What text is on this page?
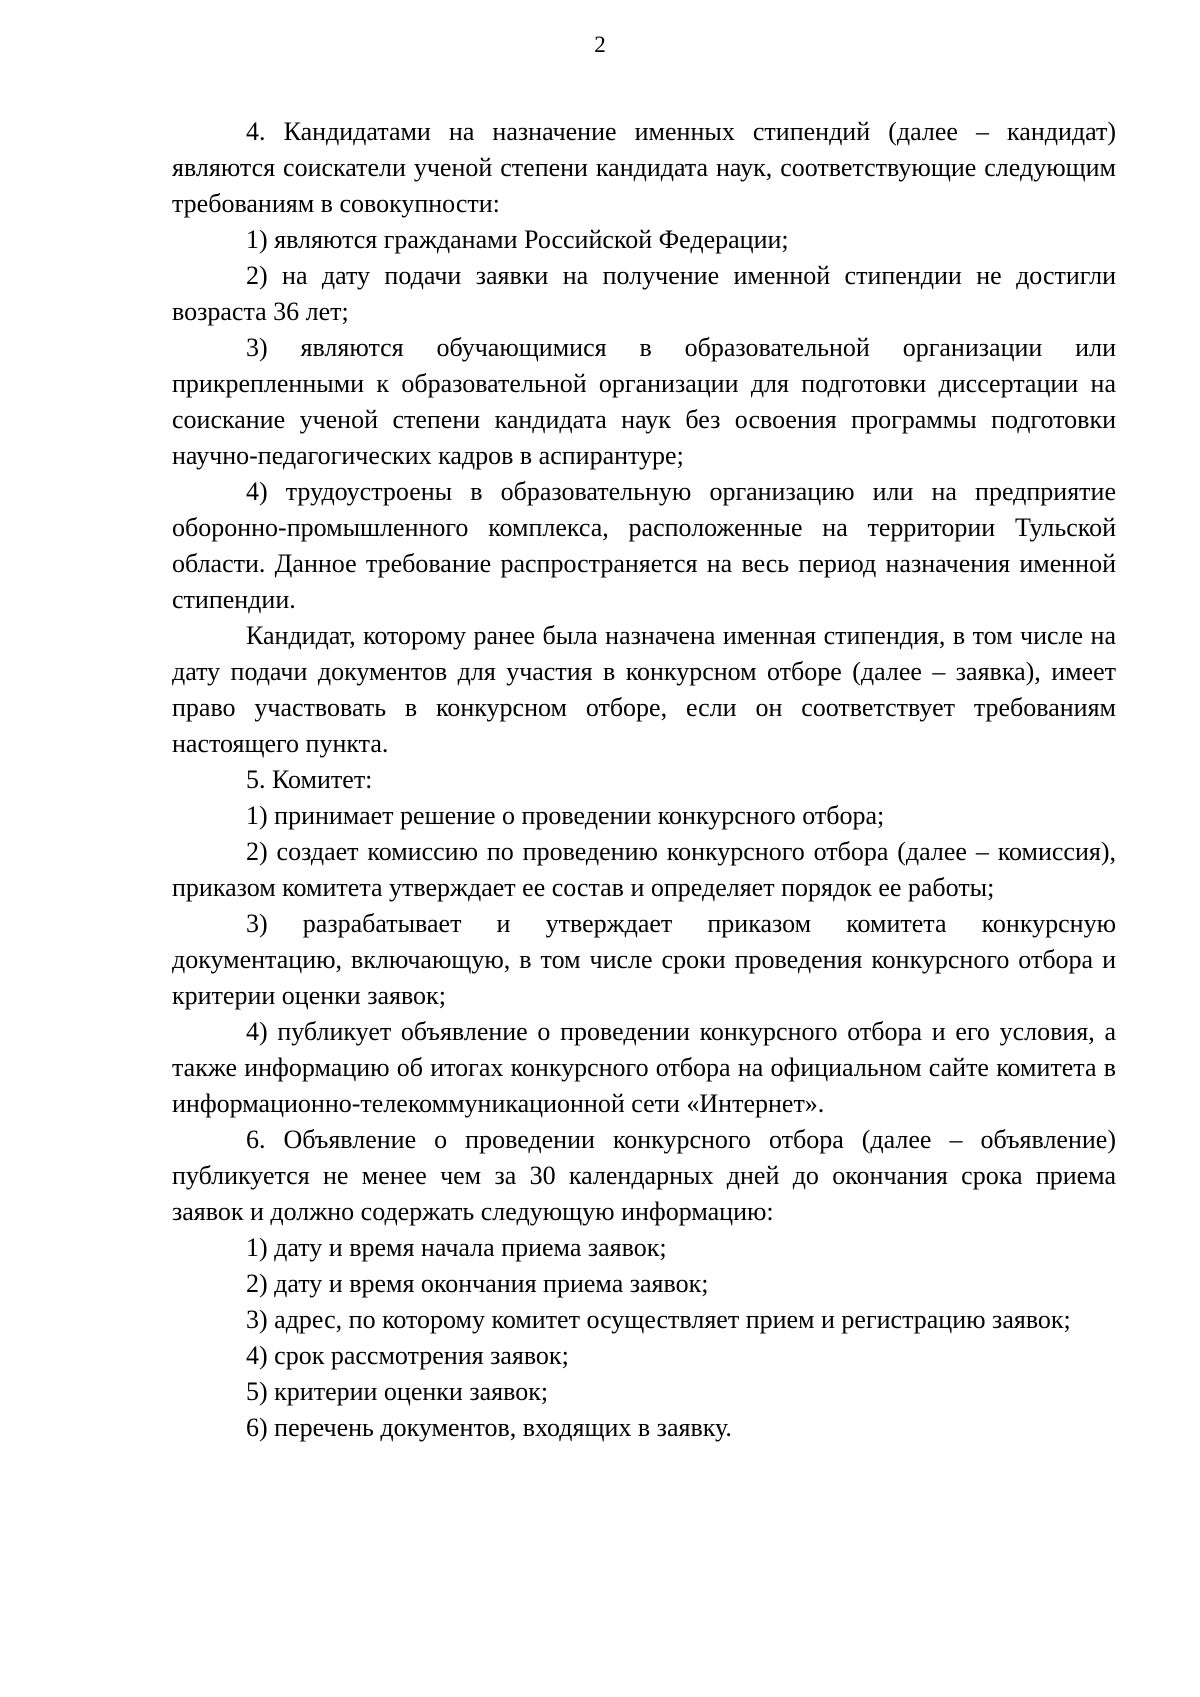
2

4. Кандидатами на назначение именных стипендий (далее – кандидат) являются соискатели ученой степени кандидата наук, соответствующие следующим требованиям в совокупности:

1) являются гражданами Российской Федерации;

2) на дату подачи заявки на получение именной стипендии не достигли возраста 36 лет;

3) являются обучающимися в образовательной организации или прикрепленными к образовательной организации для подготовки диссертации на соискание ученой степени кандидата наук без освоения программы подготовки научно-педагогических кадров в аспирантуре;

4) трудоустроены в образовательную организацию или на предприятие оборонно-промышленного комплекса, расположенные на территории Тульской области. Данное требование распространяется на весь период назначения именной стипендии.

Кандидат, которому ранее была назначена именная стипендия, в том числе на дату подачи документов для участия в конкурсном отборе (далее – заявка), имеет право участвовать в конкурсном отборе, если он соответствует требованиям настоящего пункта.

5. Комитет:

1) принимает решение о проведении конкурсного отбора;

2) создает комиссию по проведению конкурсного отбора (далее – комиссия), приказом комитета утверждает ее состав и определяет порядок ее работы;

3) разрабатывает и утверждает приказом комитета конкурсную документацию, включающую, в том числе сроки проведения конкурсного отбора и критерии оценки заявок;

4) публикует объявление о проведении конкурсного отбора и его условия, а также информацию об итогах конкурсного отбора на официальном сайте комитета в информационно-телекоммуникационной сети «Интернет».

6. Объявление о проведении конкурсного отбора (далее – объявление) публикуется не менее чем за 30 календарных дней до окончания срока приема заявок и должно содержать следующую информацию:

1) дату и время начала приема заявок;

2) дату и время окончания приема заявок;

3) адрес, по которому комитет осуществляет прием и регистрацию заявок;

4) срок рассмотрения заявок;

5) критерии оценки заявок;

6) перечень документов, входящих в заявку.
